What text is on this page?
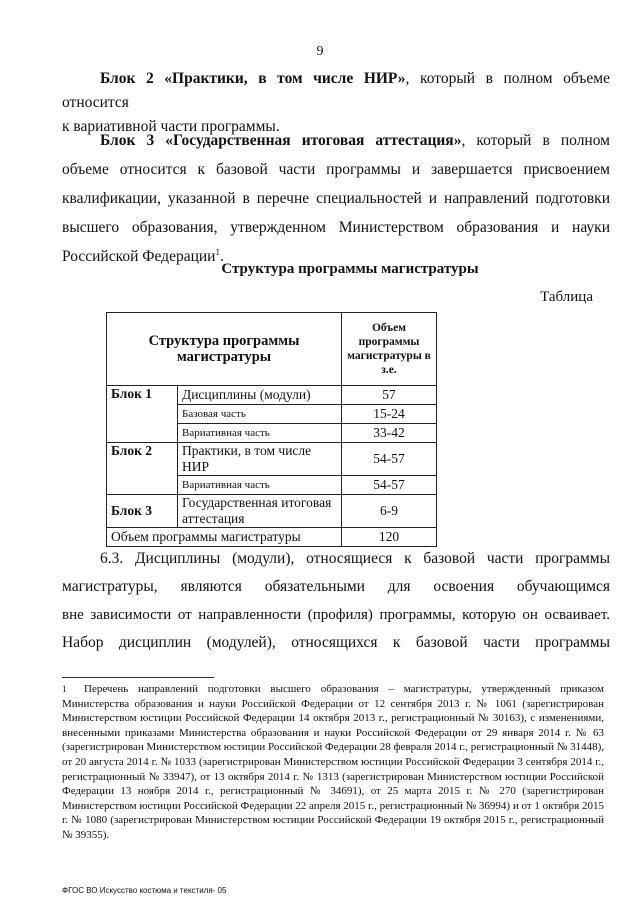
9
Блок 2 «Практики, в том числе НИР», который в полном объеме относится
к вариативной части программы.
Блок 3 «Государственная итоговая аттестация», который в полном объеме относится к базовой части программы и завершается присвоением квалификации, указанной в перечне специальностей и направлений подготовки высшего образования, утвержденном Министерством образования и науки Российской Федерации$^1$.
Структура программы магистратуры
Таблица
Структура программы магистратуры		Объем программы магистратуры в з.е.
Блок 1	Дисциплины (модули)	57
	Базовая часть	15-24
	Вариативная часть	33-42
Блок 2	Практики, в том числе НИР	54-57
	Вариативная часть	54-57
Блок 3	Государственная итоговая аттестация	6-9
Объем программы магистратуры		120
6.3. Дисциплины (модули), относящиеся к базовой части программы
магистратуры, являются обязательными для освоения обучающимся
вне зависимости от направленности (профиля) программы, которую он осваивает.
Набор дисциплин (модулей), относящихся к базовой части программы
1 Перечень направлений подготовки высшего образования – магистратуры, утвержденный приказом Министерства образования и науки Российской Федерации от 12 сентября 2013 г. № 1061 (зарегистрирован Министерством юстиции Российской Федерации 14 октября 2013 г., регистрационный № 30163), с изменениями, внесенными приказами Министерства образования и науки Российской Федерации от 29 января 2014 г. № 63 (зарегистрирован Министерством юстиции Российской Федерации 28 февраля 2014 г., регистрационный № 31448), от 20 августа 2014 г. № 1033 (зарегистрирован Министерством юстиции Российской Федерации 3 сентября 2014 г., регистрационный № 33947), от 13 октября 2014 г. № 1313 (зарегистрирован Министерством юстиции Российской Федерации 13 ноября 2014 г., регистрационный № 34691), от 25 марта 2015 г. № 270 (зарегистрирован Министерством юстиции Российской Федерации 22 апреля 2015 г., регистрационный № 36994) и от 1 октября 2015 г. № 1080 (зарегистрирован Министерством юстиции Российской Федерации 19 октября 2015 г., регистрационный № 39355).
ФГОС ВО Искусство костюма и текстиля- 05
